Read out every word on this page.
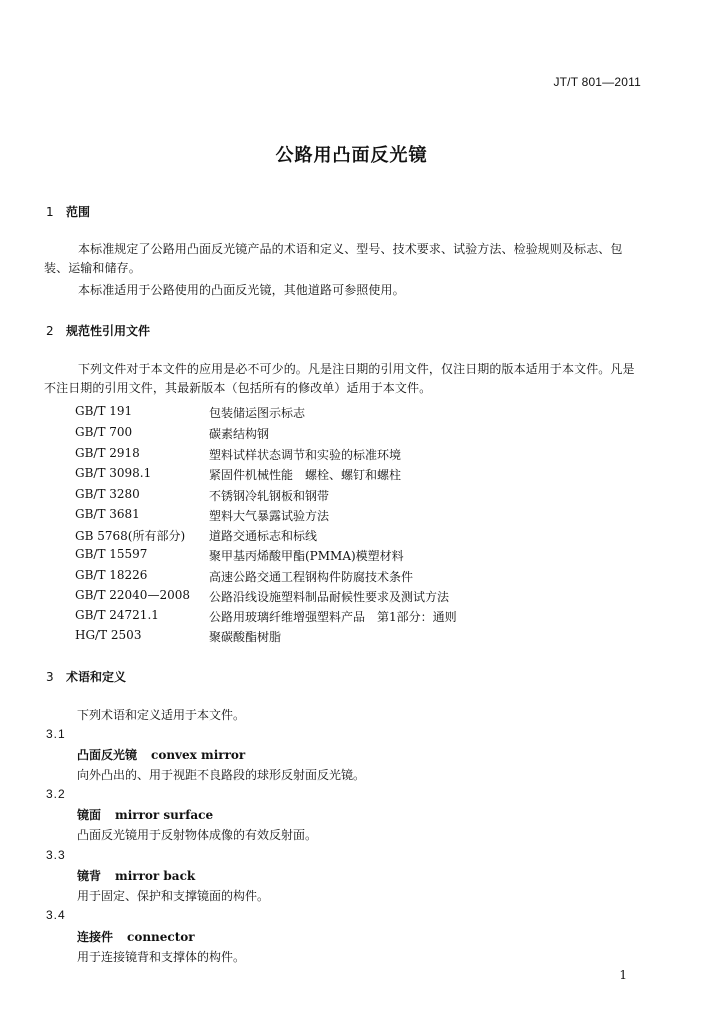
JT/T 801—2011
公路用凸面反光镜
1 范围
本标准规定了公路用凸面反光镜产品的术语和定义、型号、技术要求、试验方法、检验规则及标志、包装、运输和储存。
本标准适用于公路使用的凸面反光镜，其他道路可参照使用。
2 规范性引用文件
下列文件对于本文件的应用是必不可少的。凡是注日期的引用文件，仅注日期的版本适用于本文件。凡是不注日期的引用文件，其最新版本（包括所有的修改单）适用于本文件。
GB/T 191	包装储运图示标志
GB/T 700	碳素结构钢
GB/T 2918	塑料试样状态调节和实验的标准环境
GB/T 3098.1	紧固件机械性能　螺栓、螺钉和螺柱
GB/T 3280	不锈钢冷轧钢板和钢带
GB/T 3681	塑料大气暴露试验方法
GB 5768(所有部分) 道路交通标志和标线
GB/T 15597	聚甲基丙烯酸甲酯(PMMA)模塑材料
GB/T 18226	高速公路交通工程钢构件防腐技术条件
GB/T 22040—2008 公路沿线设施塑料制品耐候性要求及测试方法
GB/T 24721.1	公路用玻璃纤维增强塑料产品　第1部分：通则
HG/T 2503	聚碳酸酯树脂
3 术语和定义
下列术语和定义适用于本文件。
3.1
凸面反光镜 convex mirror
向外凸出的、用于视距不良路段的球形反射面反光镜。
3.2
镜面 mirror surface
凸面反光镜用于反射物体成像的有效反射面。
3.3
镜背 mirror back
用于固定、保护和支撑镜面的构件。
3.4
连接件 connector
用于连接镜背和支撑体的构件。
1
